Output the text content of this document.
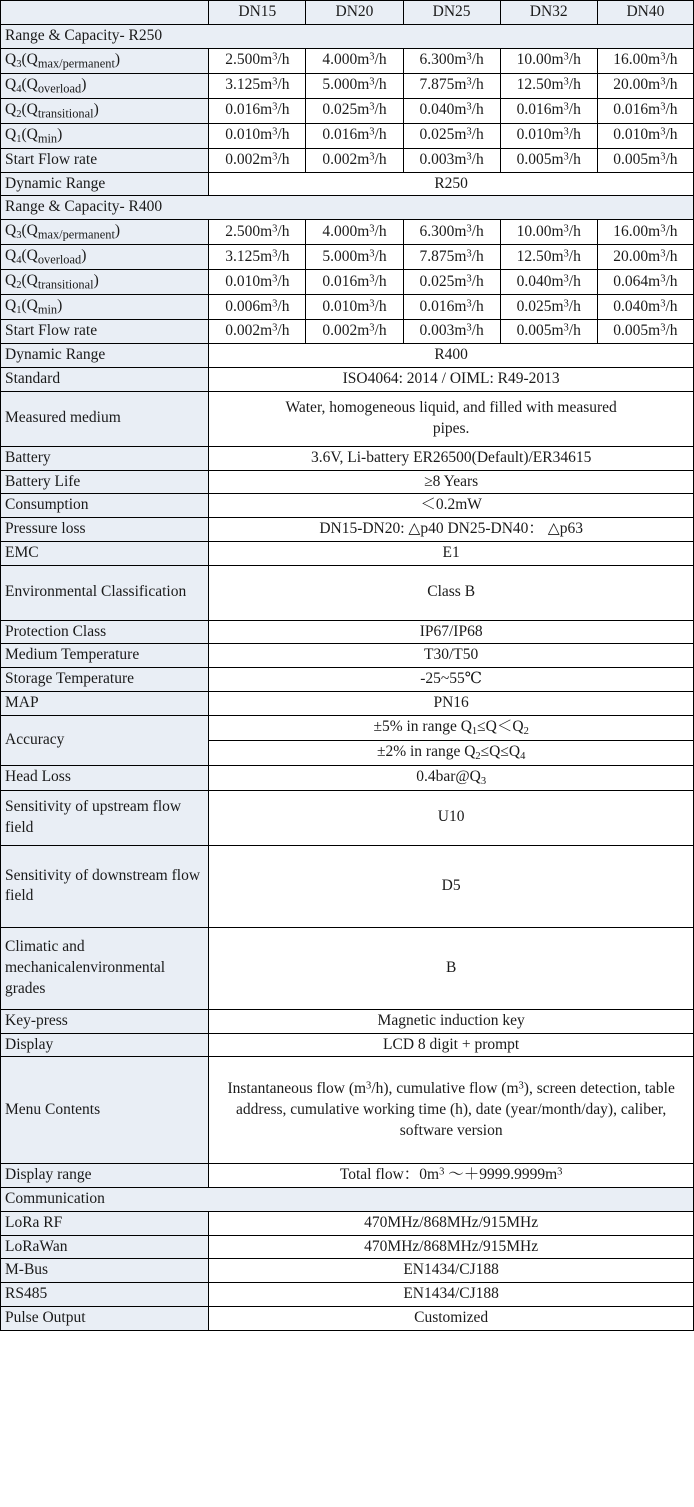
	DN15	DN20	DN25	DN32	DN40
Range & Capacity- R250					
$Q_3(Q_{max/permanent})$	$2.500m^3/h$	$4.000m^3/h$	$6.300m^3/h$	$10.00m^3/h$	$16.00m^3/h$
$Q_4(Q_{overload})$	$3.125m^3/h$	$5.000m^3/h$	$7.875m^3/h$	$12.50m^3/h$	$20.00m^3/h$
$Q_2(Q_{transitional})$	$0.016m^3/h$	$0.025m^3/h$	$0.040m^3/h$	$0.016m^3/h$	$0.016m^3/h$
$Q_1(Q_{min})$	$0.010m^3/h$	$0.016m^3/h$	$0.025m^3/h$	$0.010m^3/h$	$0.010m^3/h$
Start Flow rate	$0.002m^3/h$	$0.002m^3/h$	$0.003m^3/h$	$0.005m^3/h$	$0.005m^3/h$
Dynamic Range	R250				
Range & Capacity- R400					
$Q_3(Q_{max/permanent})$	$2.500m^3/h$	$4.000m^3/h$	$6.300m^3/h$	$10.00m^3/h$	$16.00m^3/h$
$Q_4(Q_{overload})$	$3.125m^3/h$	$5.000m^3/h$	$7.875m^3/h$	$12.50m^3/h$	$20.00m^3/h$
$Q_2(Q_{transitional})$	$0.010m^3/h$	$0.016m^3/h$	$0.025m^3/h$	$0.040m^3/h$	$0.064m^3/h$
$Q_1(Q_{min})$	$0.006m^3/h$	$0.010m^3/h$	$0.016m^3/h$	$0.025m^3/h$	$0.040m^3/h$
Start Flow rate	$0.002m^3/h$	$0.002m^3/h$	$0.003m^3/h$	$0.005m^3/h$	$0.005m^3/h$
Dynamic Range	R400				
Standard	ISO4064: 2014 / OIML: R49-2013				
Measured medium	Water, homogeneous liquid, and filled with measured pipes.				
Battery	3.6V, Li-battery ER26500(Default)/ER34615				
Battery Life	≥8 Years				
Consumption	＜0.2mW				
Pressure loss	DN15-DN20: △p40 DN25-DN40： △p63				
EMC	E1				
Environmental Classification	Class B				
Protection Class	IP67/IP68				
Medium Temperature	T30/T50				
Storage Temperature	-25~55℃				
MAP	PN16				
Accuracy	±5% in range $Q_1\le Q<Q_2$
	±2% in range $Q_2\le Q\le Q_4$
Head Loss	$0.4bar@Q_3$
Sensitivity of upstream flow field	U10				
Sensitivity of downstream flow field	D5				
Climatic and mechanicalenvironmental grades	B				
Key-press	Magnetic induction key				
Display	LCD 8 digit + prompt				
Menu Contents	Instantaneous flow $(m^3/h)$, cumulative flow $(m^3)$, screen detection, table address, cumulative working time (h), date (year/month/day), caliber, software version				
Display range	Total flow：$0m^3$ $\sim+9999.9999m^3$
Communication					
LoRa RF	470MHz/868MHz/915MHz				
LoRaWan	470MHz/868MHz/915MHz				
M-Bus	EN1434/CJ188				
RS485	EN1434/CJ188				
Pulse Output	Customized				
